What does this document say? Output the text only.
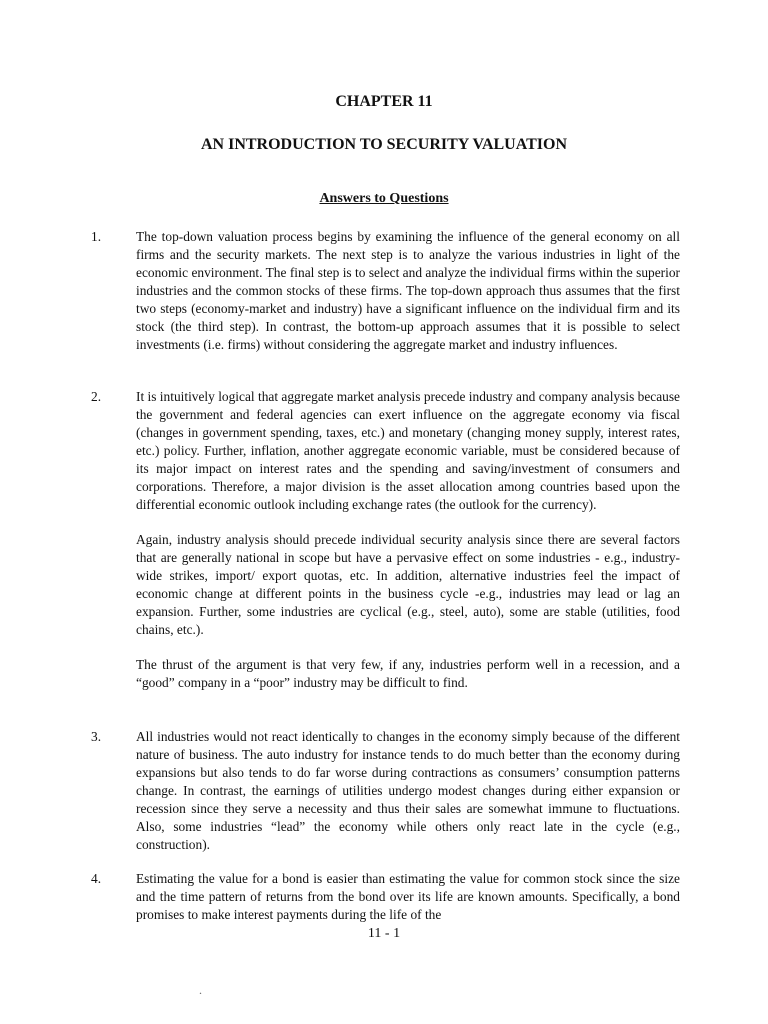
CHAPTER 11
AN INTRODUCTION TO SECURITY VALUATION
Answers to Questions
1.	The top-down valuation process begins by examining the influence of the general economy on all firms and the security markets. The next step is to analyze the various industries in light of the economic environment. The final step is to select and analyze the individual firms within the superior industries and the common stocks of these firms. The top-down approach thus assumes that the first two steps (economy-market and industry) have a significant influence on the individual firm and its stock (the third step). In contrast, the bottom-up approach assumes that it is possible to select investments (i.e. firms) without considering the aggregate market and industry influences.

2.	It is intuitively logical that aggregate market analysis precede industry and company analysis because the government and federal agencies can exert influence on the aggregate economy via fiscal (changes in government spending, taxes, etc.) and monetary (changing money supply, interest rates, etc.) policy. Further, inflation, another aggregate economic variable, must be considered because of its major impact on interest rates and the spending and saving/investment of consumers and corporations. Therefore, a major division is the asset allocation among countries based upon the differential economic outlook including exchange rates (the outlook for the currency).

Again, industry analysis should precede individual security analysis since there are several factors that are generally national in scope but have a pervasive effect on some industries - e.g., industry-wide strikes, import/ export quotas, etc. In addition, alternative industries feel the impact of economic change at different points in the business cycle -e.g., industries may lead or lag an expansion. Further, some industries are cyclical (e.g., steel, auto), some are stable (utilities, food chains, etc.).

The thrust of the argument is that very few, if any, industries perform well in a recession, and a “good” company in a “poor” industry may be difficult to find.

3.	All industries would not react identically to changes in the economy simply because of the different nature of business. The auto industry for instance tends to do much better than the economy during expansions but also tends to do far worse during contractions as consumers’ consumption patterns change. In contrast, the earnings of utilities undergo modest changes during either expansion or recession since they serve a necessity and thus their sales are somewhat immune to fluctuations. Also, some industries “lead” the economy while others only react late in the cycle (e.g., construction).

4.	Estimating the value for a bond is easier than estimating the value for common stock since the size and the time pattern of returns from the bond over its life are known amounts. Specifically, a bond promises to make interest payments during the life of the

11 - 1
.
